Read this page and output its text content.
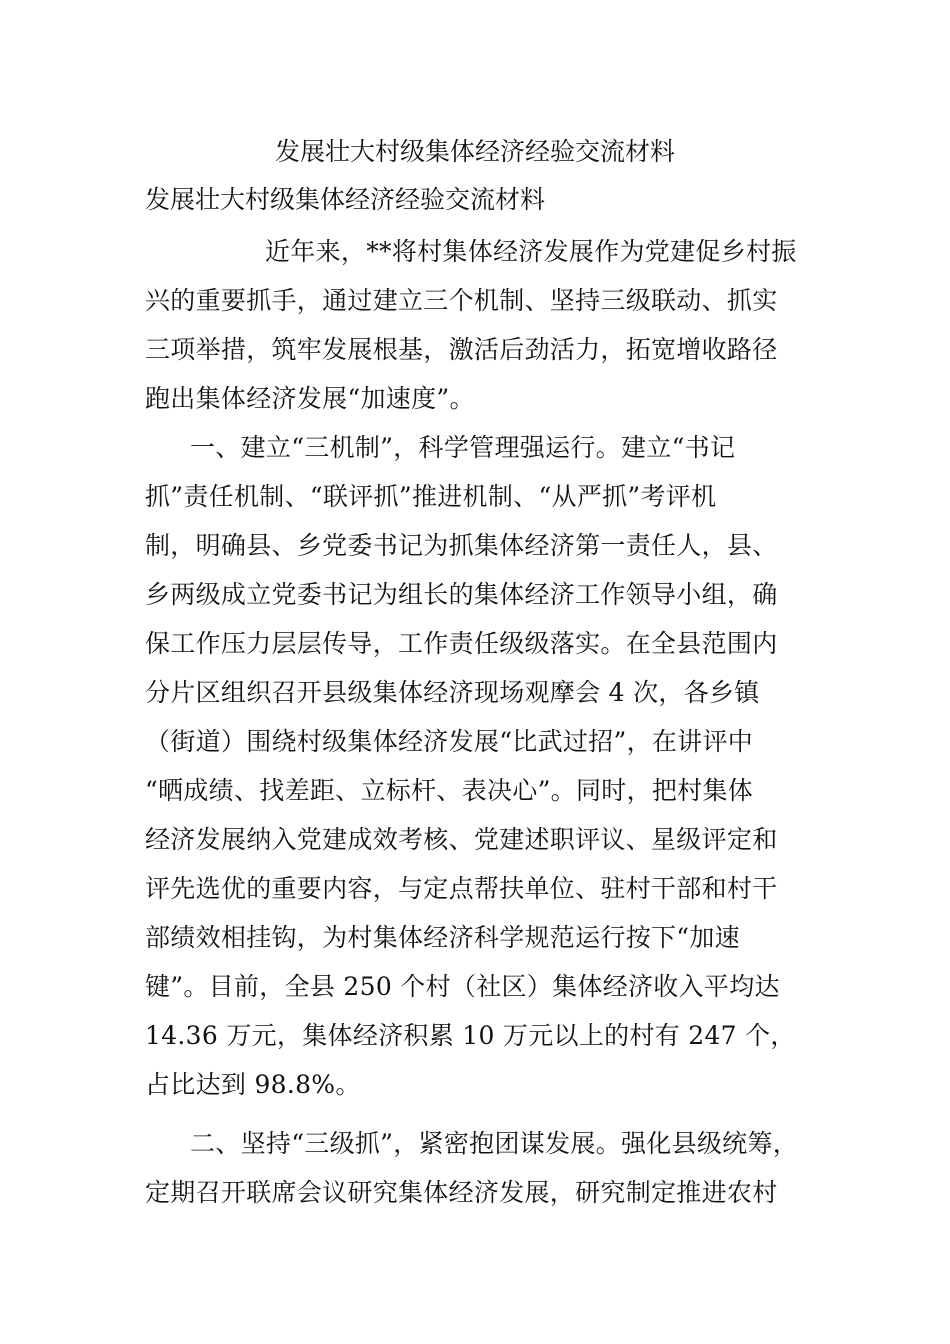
发展壮大村级集体经济经验交流材料
发展壮大村级集体经济经验交流材料
近年来，**将村集体经济发展作为党建促乡村振
兴的重要抓手，通过建立三个机制、坚持三级联动、抓实
三项举措，筑牢发展根基，激活后劲活力，拓宽增收路径
跑出集体经济发展“加速度”。
一、建立“三机制”，科学管理强运行。建立“书记
抓”责任机制、“联评抓”推进机制、“从严抓”考评机
制，明确县、乡党委书记为抓集体经济第一责任人，县、
乡两级成立党委书记为组长的集体经济工作领导小组，确
保工作压力层层传导，工作责任级级落实。在全县范围内
分片区组织召开县级集体经济现场观摩会 4 次，各乡镇
（街道）围绕村级集体经济发展“比武过招”，在讲评中
“晒成绩、找差距、立标杆、表决心”。同时，把村集体
经济发展纳入党建成效考核、党建述职评议、星级评定和
评先选优的重要内容，与定点帮扶单位、驻村干部和村干
部绩效相挂钩，为村集体经济科学规范运行按下“加速
键”。目前，全县 250 个村（社区）集体经济收入平均达
14.36 万元，集体经济积累 10 万元以上的村有 247 个，
占比达到 98.8%。
二、坚持“三级抓”，紧密抱团谋发展。强化县级统筹，
定期召开联席会议研究集体经济发展，研究制定推进农村
